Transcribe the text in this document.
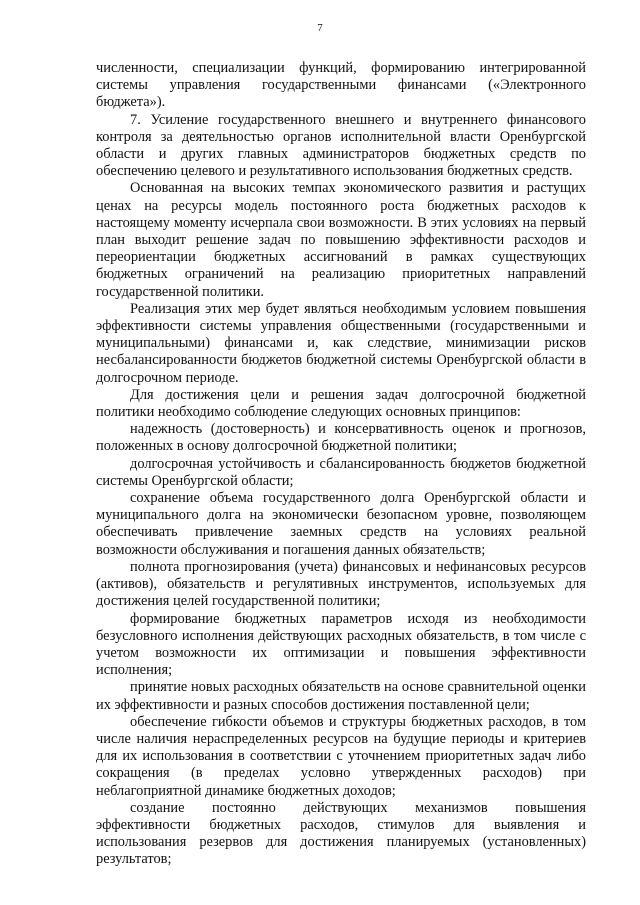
7

численности, специализации функций, формированию интегрированной системы управления государственными финансами («Электронного бюджета»).

7. Усиление государственного внешнего и внутреннего финансового контроля за деятельностью органов исполнительной власти Оренбургской области и других главных администраторов бюджетных средств по обеспечению целевого и результативного использования бюджетных средств.

Основанная на высоких темпах экономического развития и растущих ценах на ресурсы модель постоянного роста бюджетных расходов к настоящему моменту исчерпала свои возможности. В этих условиях на первый план выходит решение задач по повышению эффективности расходов и переориентации бюджетных ассигнований в рамках существующих бюджетных ограничений на реализацию приоритетных направлений государственной политики.

Реализация этих мер будет являться необходимым условием повышения эффективности системы управления общественными (государственными и муниципальными) финансами и, как следствие, минимизации рисков несбалансированности бюджетов бюджетной системы Оренбургской области в долгосрочном периоде.

Для достижения цели и решения задач долгосрочной бюджетной политики необходимо соблюдение следующих основных принципов:

надежность (достоверность) и консервативность оценок и прогнозов, положенных в основу долгосрочной бюджетной политики;

долгосрочная устойчивость и сбалансированность бюджетов бюджетной системы Оренбургской области;

сохранение объема государственного долга Оренбургской области и муниципального долга на экономически безопасном уровне, позволяющем обеспечивать привлечение заемных средств на условиях реальной возможности обслуживания и погашения данных обязательств;

полнота прогнозирования (учета) финансовых и нефинансовых ресурсов (активов), обязательств и регулятивных инструментов, используемых для достижения целей государственной политики;

формирование бюджетных параметров исходя из необходимости безусловного исполнения действующих расходных обязательств, в том числе с учетом возможности их оптимизации и повышения эффективности исполнения;

принятие новых расходных обязательств на основе сравнительной оценки их эффективности и разных способов достижения поставленной цели;

обеспечение гибкости объемов и структуры бюджетных расходов, в том числе наличия нераспределенных ресурсов на будущие периоды и критериев для их использования в соответствии с уточнением приоритетных задач либо сокращения (в пределах условно утвержденных расходов) при неблагоприятной динамике бюджетных доходов;

создание постоянно действующих механизмов повышения эффективности бюджетных расходов, стимулов для выявления и использования резервов для достижения планируемых (установленных) результатов;
